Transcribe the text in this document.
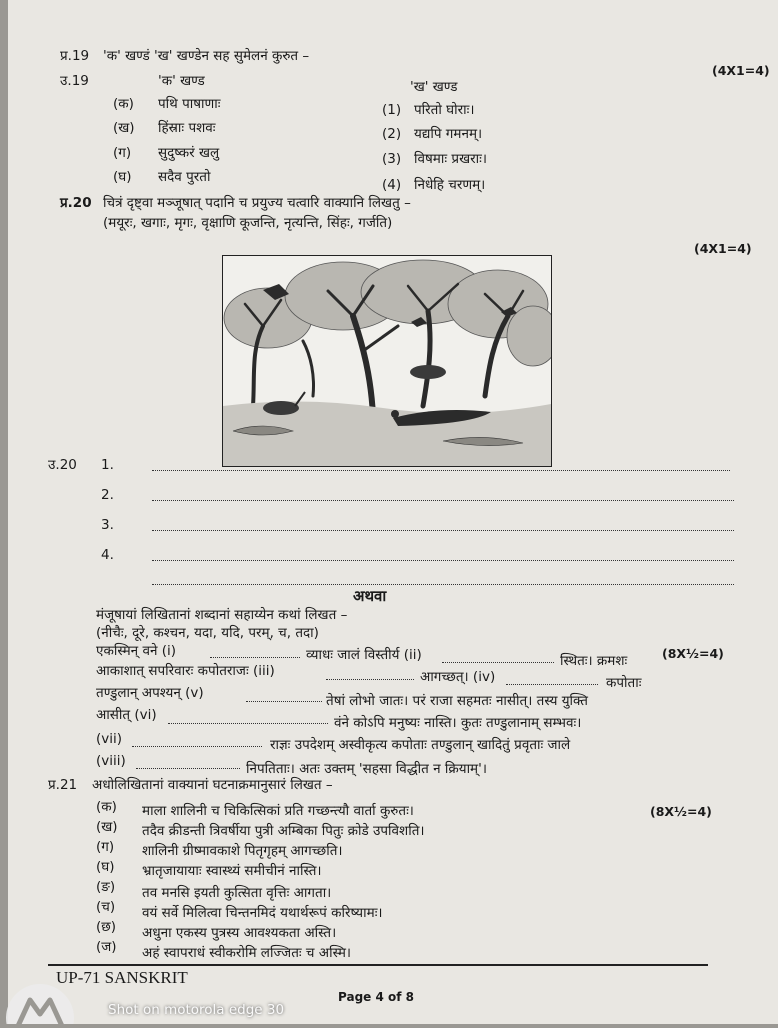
प्र.19 'क' खण्डं 'ख' खण्डेन सह सुमेलनं कुरुत –
(4X1=4)
उ.19	'क' खण्ड	'ख' खण्ड
(क) पथि पाषाणाः	(1) परितो घोराः।
(ख) हिंस्राः पशवः	(2) यद्यपि गमनम्।
(ग) सुदुष्करं खलु	(3) विषमाः प्रखराः।
(घ) सदैव पुरतो	(4) निधेहि चरणम्।
प्र.20 चित्रं दृष्ट्वा मञ्जूषात् पदानि च प्रयुज्य चत्वारि वाक्यानि लिखतु –
(मयूरः, खगाः, मृगः, वृक्षाणि कूजन्ति, नृत्यन्ति, सिंहः, गर्जति)
(4X1=4)
उ.20 1.
2.
3.
4.
अथवा
मंजूषायां लिखितानां शब्दानां सहाय्येन कथां लिखत –
(नीचैः, दूरे, कश्चन, यदा, यदि, परम्, च, तदा)
(8X½=4)
एकस्मिन् वने (i)	व्याधः जालं विस्तीर्य (ii)	स्थितः। क्रमशः
आकाशात् सपरिवारः कपोतराजः (iii)	आगच्छत्। (iv)	कपोताः
तण्डुलान् अपश्यन् (v)	तेषां लोभो जातः। परं राजा सहमतः नासीत्। तस्य युक्ति
आसीत् (vi)	वंने कोऽपि मनुष्यः नास्ति। कुतः तण्डुलानाम् सम्भवः।
(vii)	राज्ञः उपदेशम् अस्वीकृत्य कपोताः तण्डुलान् खादितुं प्रवृताः जाले
(viii)	निपतिताः। अतः उक्तम् 'सहसा विद्धीत न क्रियाम्'।
प्र.21 अधोलिखितानां वाक्यानां घटनाक्रमानुसारं लिखत –
(8X½=4)
(क) माला शालिनी च चिकित्सिकां प्रति गच्छन्त्यौ वार्ता कुरुतः।
(ख) तदैव क्रीडन्ती त्रिवर्षीया पुत्री अम्बिका पितुः क्रोडे उपविशति।
(ग) शालिनी ग्रीष्मावकाशे पितृगृहम् आगच्छति।
(घ) भ्रातृजायायाः स्वास्थ्यं समीचीनं नास्ति।
(ङ) तव मनसि इयती कुत्सिता वृत्तिः आगता।
(च) वयं सर्वे मिलित्वा चिन्तनमिदं यथार्थरूपं करिष्यामः।
(छ) अधुना एकस्य पुत्रस्य आवश्यकता अस्ति।
(ज) अहं स्वापराधं स्वीकरोमि लज्जितः च अस्मि।
UP-71 SANSKRIT
Page 4 of 8
Shot on motorola edge 30
